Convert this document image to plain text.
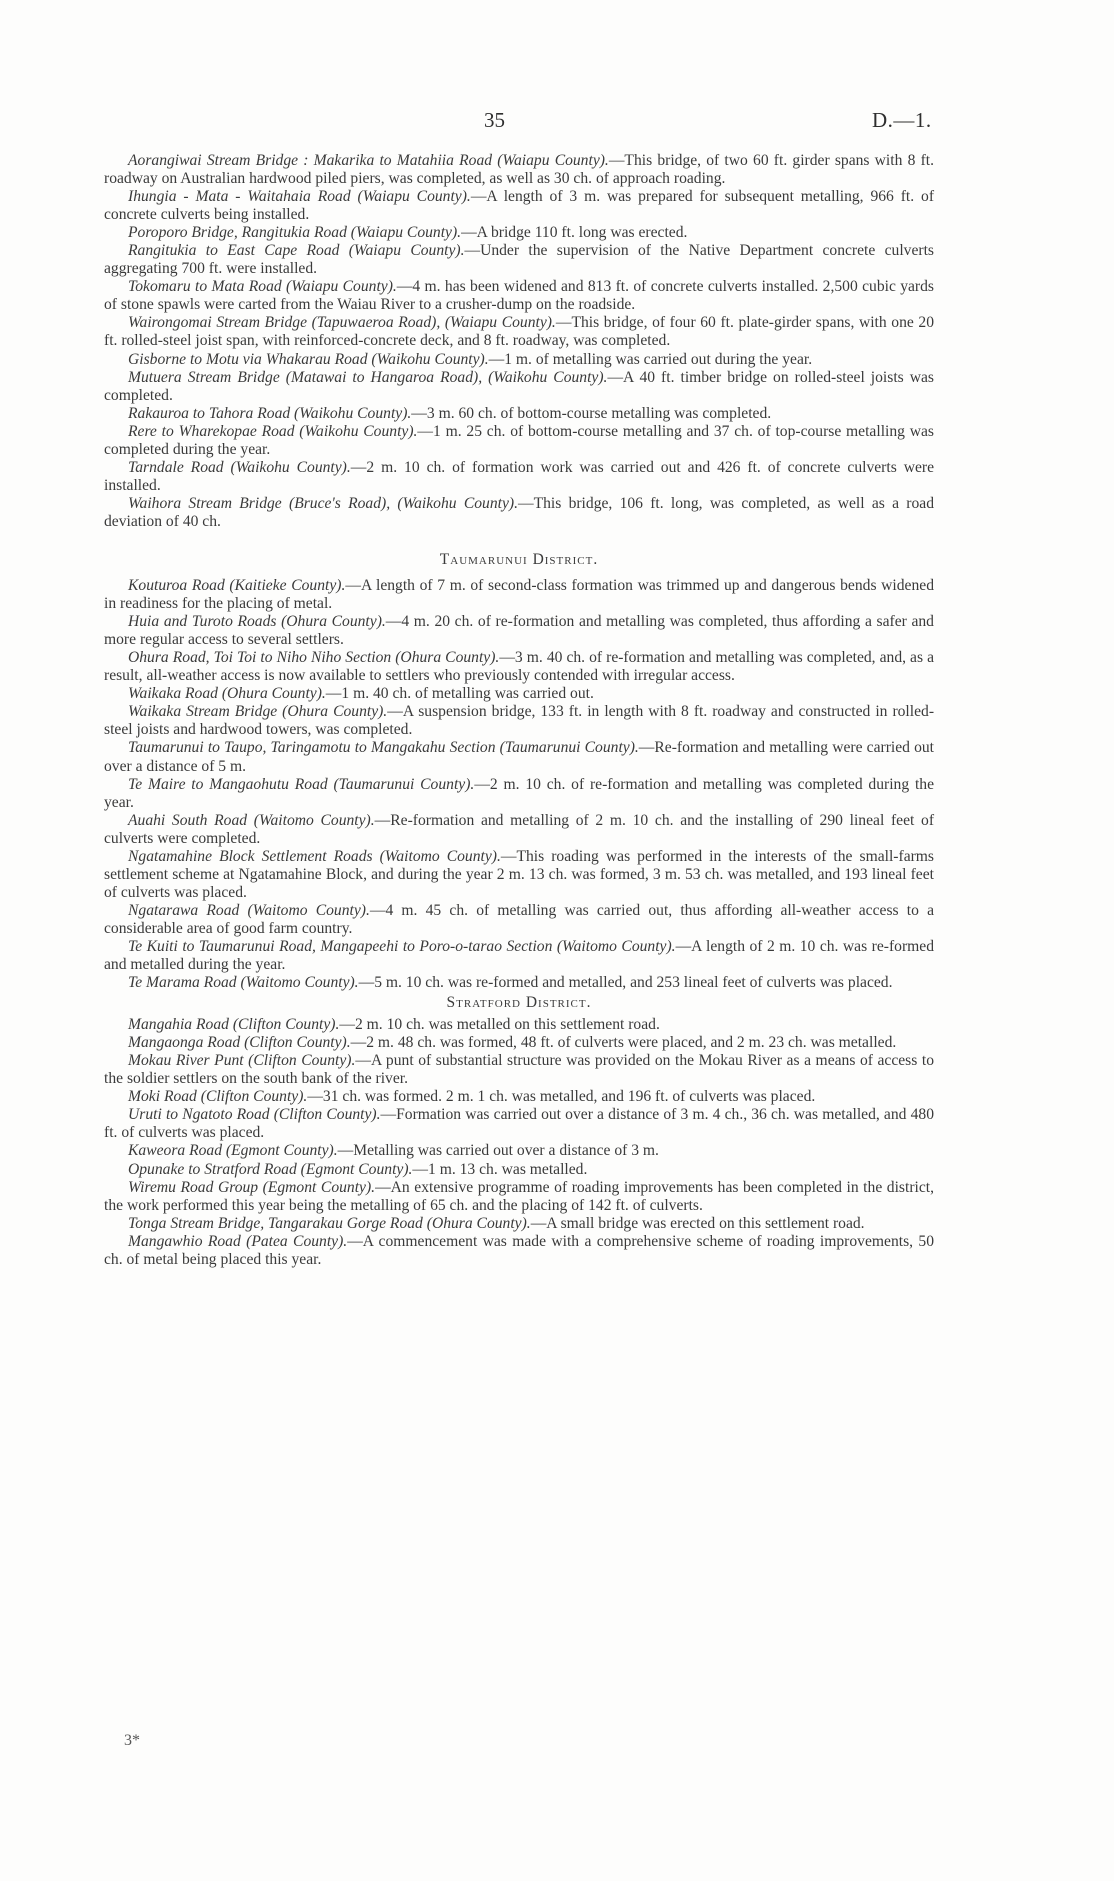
35	D.—1.

Aorangiwai Stream Bridge : Makarika to Matahiia Road (Waiapu County).—This bridge, of two 60 ft. girder spans with 8 ft. roadway on Australian hardwood piled piers, was completed, as well as 30 ch. of approach roading.

Ihungia - Mata - Waitahaia Road (Waiapu County).—A length of 3 m. was prepared for subsequent metalling, 966 ft. of concrete culverts being installed.

Poroporo Bridge, Rangitukia Road (Waiapu County).—A bridge 110 ft. long was erected.

Rangitukia to East Cape Road (Waiapu County).—Under the supervision of the Native Department concrete culverts aggregating 700 ft. were installed.

Tokomaru to Mata Road (Waiapu County).—4 m. has been widened and 813 ft. of concrete culverts installed. 2,500 cubic yards of stone spawls were carted from the Waiau River to a crusher-dump on the roadside.

Wairongomai Stream Bridge (Tapuwaeroa Road), (Waiapu County).—This bridge, of four 60 ft. plate-girder spans, with one 20 ft. rolled-steel joist span, with reinforced-concrete deck, and 8 ft. roadway, was completed.

Gisborne to Motu via Whakarau Road (Waikohu County).—1 m. of metalling was carried out during the year.

Mutuera Stream Bridge (Matawai to Hangaroa Road), (Waikohu County).—A 40 ft. timber bridge on rolled-steel joists was completed.

Rakauroa to Tahora Road (Waikohu County).—3 m. 60 ch. of bottom-course metalling was completed.

Rere to Wharekopae Road (Waikohu County).—1 m. 25 ch. of bottom-course metalling and 37 ch. of top-course metalling was completed during the year.

Tarndale Road (Waikohu County).—2 m. 10 ch. of formation work was carried out and 426 ft. of concrete culverts were installed.

Waihora Stream Bridge (Bruce's Road), (Waikohu County).—This bridge, 106 ft. long, was completed, as well as a road deviation of 40 ch.

Taumarunui District.

Kouturoa Road (Kaitieke County).—A length of 7 m. of second-class formation was trimmed up and dangerous bends widened in readiness for the placing of metal.

Huia and Turoto Roads (Ohura County).—4 m. 20 ch. of re-formation and metalling was completed, thus affording a safer and more regular access to several settlers.

Ohura Road, Toi Toi to Niho Niho Section (Ohura County).—3 m. 40 ch. of re-formation and metalling was completed, and, as a result, all-weather access is now available to settlers who previously contended with irregular access.

Waikaka Road (Ohura County).—1 m. 40 ch. of metalling was carried out.

Waikaka Stream Bridge (Ohura County).—A suspension bridge, 133 ft. in length with 8 ft. roadway and constructed in rolled-steel joists and hardwood towers, was completed.

Taumarunui to Taupo, Taringamotu to Mangakahu Section (Taumarunui County).—Re-formation and metalling were carried out over a distance of 5 m.

Te Maire to Mangaohutu Road (Taumarunui County).—2 m. 10 ch. of re-formation and metalling was completed during the year.

Auahi South Road (Waitomo County).—Re-formation and metalling of 2 m. 10 ch. and the installing of 290 lineal feet of culverts were completed.

Ngatamahine Block Settlement Roads (Waitomo County).—This roading was performed in the interests of the small-farms settlement scheme at Ngatamahine Block, and during the year 2 m. 13 ch. was formed, 3 m. 53 ch. was metalled, and 193 lineal feet of culverts was placed.

Ngatarawa Road (Waitomo County).—4 m. 45 ch. of metalling was carried out, thus affording all-weather access to a considerable area of good farm country.

Te Kuiti to Taumarunui Road, Mangapeehi to Poro-o-tarao Section (Waitomo County).—A length of 2 m. 10 ch. was re-formed and metalled during the year.

Te Marama Road (Waitomo County).—5 m. 10 ch. was re-formed and metalled, and 253 lineal feet of culverts was placed.

Stratford District.

Mangahia Road (Clifton County).—2 m. 10 ch. was metalled on this settlement road.

Mangaonga Road (Clifton County).—2 m. 48 ch. was formed, 48 ft. of culverts were placed, and 2 m. 23 ch. was metalled.

Mokau River Punt (Clifton County).—A punt of substantial structure was provided on the Mokau River as a means of access to the soldier settlers on the south bank of the river.

Moki Road (Clifton County).—31 ch. was formed. 2 m. 1 ch. was metalled, and 196 ft. of culverts was placed.

Uruti to Ngatoto Road (Clifton County).—Formation was carried out over a distance of 3 m. 4 ch., 36 ch. was metalled, and 480 ft. of culverts was placed.

Kaweora Road (Egmont County).—Metalling was carried out over a distance of 3 m.

Opunake to Stratford Road (Egmont County).—1 m. 13 ch. was metalled.

Wiremu Road Group (Egmont County).—An extensive programme of roading improvements has been completed in the district, the work performed this year being the metalling of 65 ch. and the placing of 142 ft. of culverts.

Tonga Stream Bridge, Tangarakau Gorge Road (Ohura County).—A small bridge was erected on this settlement road.

Mangawhio Road (Patea County).—A commencement was made with a comprehensive scheme of roading improvements, 50 ch. of metal being placed this year.

3*
